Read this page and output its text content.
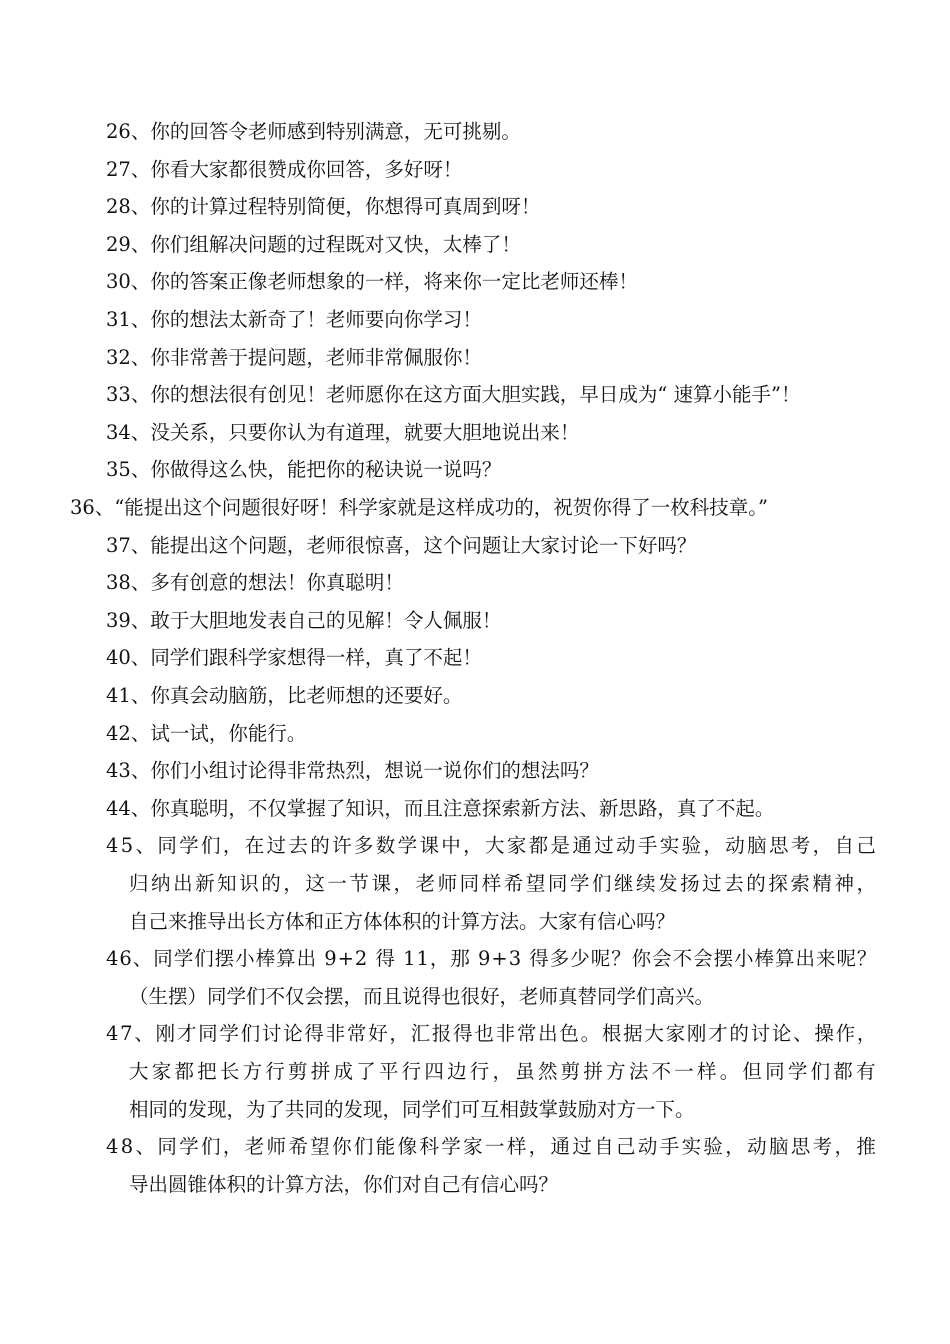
26、你的回答令老师感到特别满意，无可挑剔。
27、你看大家都很赞成你回答，多好呀！
28、你的计算过程特别简便，你想得可真周到呀！
29、你们组解决问题的过程既对又快，太棒了！
30、你的答案正像老师想象的一样，将来你一定比老师还棒！
31、你的想法太新奇了！老师要向你学习！
32、你非常善于提问题，老师非常佩服你！
33、你的想法很有创见！老师愿你在这方面大胆实践，早日成为“ 速算小能手”！
34、没关系，只要你认为有道理，就要大胆地说出来！
35、你做得这么快，能把你的秘诀说一说吗？
36、“能提出这个问题很好呀！科学家就是这样成功的，祝贺你得了一枚科技章。”
37、能提出这个问题，老师很惊喜，这个问题让大家讨论一下好吗？
38、多有创意的想法！你真聪明！
39、敢于大胆地发表自己的见解！令人佩服！
40、同学们跟科学家想得一样，真了不起！
41、你真会动脑筋，比老师想的还要好。
42、试一试，你能行。
43、你们小组讨论得非常热烈，想说一说你们的想法吗？
44、你真聪明，不仅掌握了知识，而且注意探索新方法、新思路，真了不起。
45、同学们，在过去的许多数学课中，大家都是通过动手实验，动脑思考，自己
归纳出新知识的，这一节课，老师同样希望同学们继续发扬过去的探索精神，
自己来推导出长方体和正方体体积的计算方法。大家有信心吗？
46、同学们摆小棒算出 9+2 得 11，那 9+3 得多少呢？你会不会摆小棒算出来呢？
（生摆）同学们不仅会摆，而且说得也很好，老师真替同学们高兴。
47、刚才同学们讨论得非常好，汇报得也非常出色。根据大家刚才的讨论、操作，
大家都把长方行剪拼成了平行四边行，虽然剪拼方法不一样。但同学们都有
相同的发现，为了共同的发现，同学们可互相鼓掌鼓励对方一下。
48、同学们，老师希望你们能像科学家一样，通过自己动手实验，动脑思考，推
导出圆锥体积的计算方法，你们对自己有信心吗？
